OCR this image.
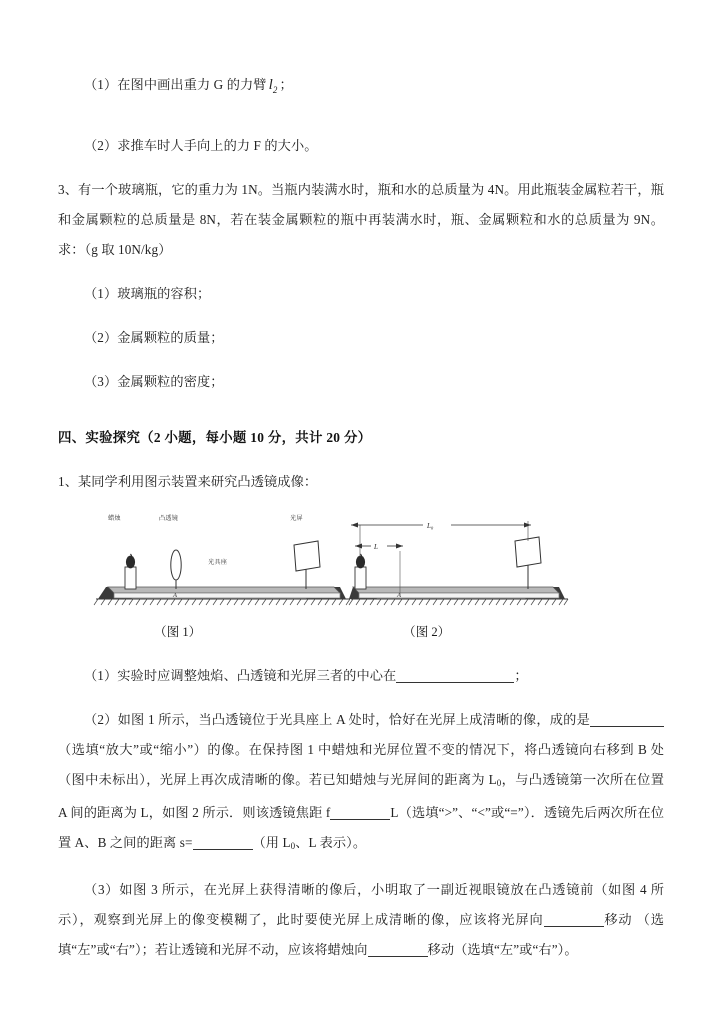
（1）在图中画出重力 G 的力臂 $l_2$ ；
（2）求推车时人手向上的力 F 的大小。
3、有一个玻璃瓶，它的重力为 1N。当瓶内装满水时，瓶和水的总质量为 4N。用此瓶装金属粒若干，瓶和金属颗粒的总质量是 8N，若在装金属颗粒的瓶中再装满水时，瓶、金属颗粒和水的总质量为 9N。求：（g 取 10N/kg）
（1）玻璃瓶的容积；
（2）金属颗粒的质量；
（3）金属颗粒的密度；
四、实验探究（2 小题，每小题 10 分，共计 20 分）
1、某同学利用图示装置来研究凸透镜成像：
A
蜡烛	凸透镜	光屏
光具座
A
$L_0$
L
（图 1）	（图 2）
（1）实验时应调整烛焰、凸透镜和光屏三者的中心在	；
（2）如图 1 所示，当凸透镜位于光具座上 A 处时，恰好在光屏上成清晰的像，成的是（选填“放大”或“缩小”）的像。在保持图 1 中蜡烛和光屏位置不变的情况下，将凸透镜向右移到 B 处（图中未标出），光屏上再次成清晰的像。若已知蜡烛与光屏间的距离为 L0，与凸透镜第一次所在位置 A 间的距离为 L，如图 2 所示．则该透镜焦距 f	L（选填“>”、“<”或“=”）．透镜先后两次所在位置 A、B 之间的距离 s=	（用 L0、L 表示）。
（3）如图 3 所示，在光屏上获得清晰的像后，小明取了一副近视眼镜放在凸透镜前（如图 4 所示），观察到光屏上的像变模糊了，此时要使光屏上成清晰的像，应该将光屏向	移动 （选填“左”或“右”）；若让透镜和光屏不动，应该将蜡烛向	移动（选填“左”或“右”）。
